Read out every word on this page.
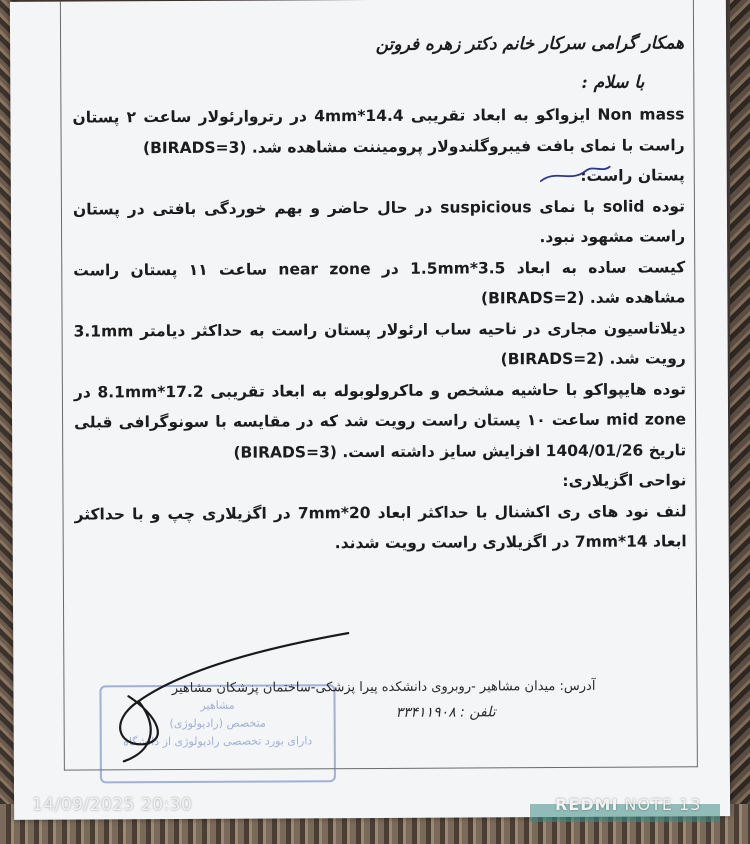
همکار گرامی سرکار خانم دکتر زهره فروتن

با سلام :

Non mass ایزواکو به ابعاد تقریبی 14.4*4mm در رتروارئولار ساعت ۲ پستان راست با نمای بافت فیبروگلندولار پرومیننت مشاهده شد. (BIRADS=3)

پستان راست:

توده solid با نمای suspicious در حال حاضر و بهم خوردگی بافتی در پستان راست مشهود نبود.

کیست ساده به ابعاد 3.5*1.5mm در near zone ساعت ۱۱ پستان راست مشاهده شد. (BIRADS=2)

دیلاتاسیون مجاری در ناحیه ساب ارئولار پستان راست به حداکثر دیامتر 3.1mm رویت شد. (BIRADS=2)

توده هایپواکو با حاشیه مشخص و ماکرولوبوله به ابعاد تقریبی 17.2*8.1mm در mid zone ساعت ۱۰ پستان راست رویت شد که در مقایسه با سونوگرافی قبلی تاریخ 1404/01/26 افزایش سایز داشته است. (BIRADS=3)

نواحی اگزیلاری:

لنف نود های ری اکشنال با حداکثر ابعاد 20*7mm در اگزیلاری چپ و با حداکثر ابعاد 14*7mm در اگزیلاری راست رویت شدند.

مشاهیر
متخصص (رادیولوژی)
دارای بورد تخصصی رادیولوژی از دانشگاه

آدرس: میدان مشاهیر -روبروی دانشکده پیرا پزشکی-ساختمان پزشکان مشاهیر

تلفن : ۳۳۴۱۱۹۰۸

14/09/2025 20:30	REDMI NOTE 13
